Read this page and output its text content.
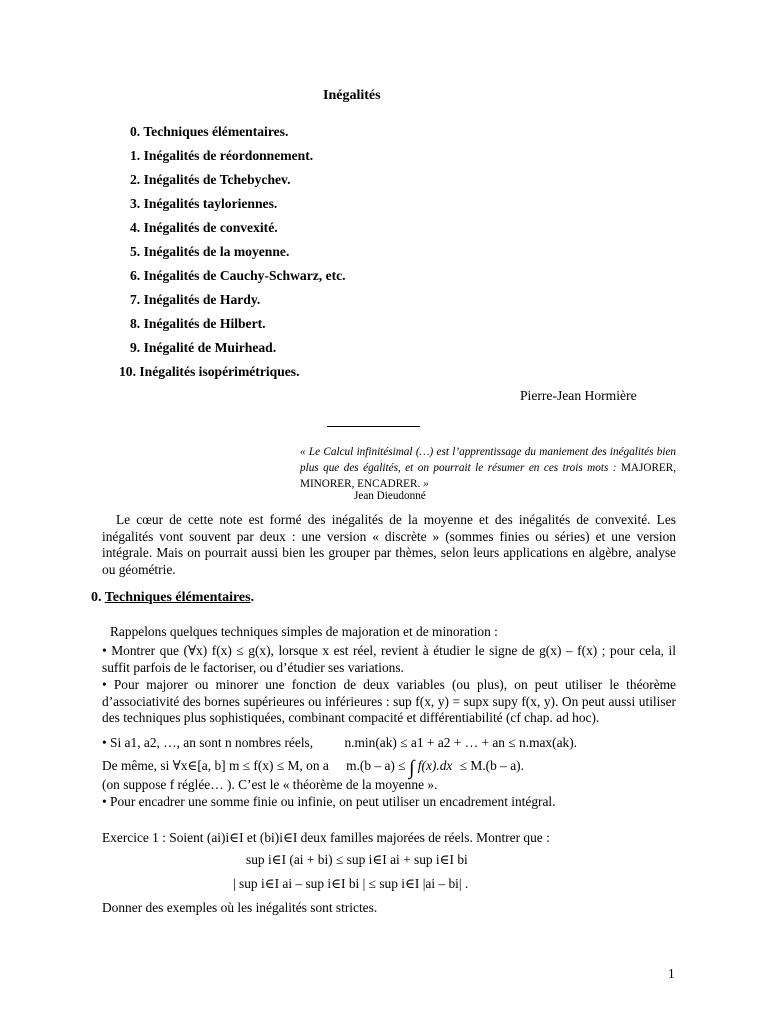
Inégalités
0. Techniques élémentaires.
1. Inégalités de réordonnement.
2. Inégalités de Tchebychev.
3. Inégalités tayloriennes.
4. Inégalités de convexité.
5. Inégalités de la moyenne.
6. Inégalités de Cauchy-Schwarz, etc.
7. Inégalités de Hardy.
8. Inégalités de Hilbert.
9. Inégalité de Muirhead.
10. Inégalités isopérimétriques.
Pierre-Jean Hormière
« Le Calcul infinitésimal (…) est l’apprentissage du maniement des inégalités bien plus que des égalités, et on pourrait le résumer en ces trois mots : MAJORER, MINORER, ENCADRER. »
Jean Dieudonné
Le cœur de cette note est formé des inégalités de la moyenne et des inégalités de convexité. Les inégalités vont souvent par deux : une version « discrète » (sommes finies ou séries) et une version intégrale. Mais on pourrait aussi bien les grouper par thèmes, selon leurs applications en algèbre, analyse ou géométrie.
0. Techniques élémentaires.
Rappelons quelques techniques simples de majoration et de minoration :
• Montrer que (∀x) f(x) ≤ g(x), lorsque x est réel, revient à étudier le signe de g(x) – f(x) ; pour cela, il suffit parfois de le factoriser, ou d’étudier ses variations.
• Pour majorer ou minorer une fonction de deux variables (ou plus), on peut utiliser le théorème d’associativité des bornes supérieures ou inférieures : sup f(x, y) = supx supy f(x, y). On peut aussi utiliser des techniques plus sophistiquées, combinant compacité et différentiabilité (cf chap. ad hoc).
• Si a1, a2, …, an sont n nombres réels, n.min(ak) ≤ a1 + a2 + … + an ≤ n.max(ak).
De même, si ∀x∈[a, b] m ≤ f(x) ≤ M, on a m.(b – a) ≤ ∫ f(x).dx ≤ M.(b – a).
(on suppose f réglée… ). C’est le « théorème de la moyenne ».
• Pour encadrer une somme finie ou infinie, on peut utiliser un encadrement intégral.
Exercice 1 : Soient (ai)i∈I et (bi)i∈I deux familles majorées de réels. Montrer que :
sup i∈I (ai + bi) ≤ sup i∈I ai + sup i∈I bi
| sup i∈I ai – sup i∈I bi | ≤ sup i∈I |ai – bi| .
Donner des exemples où les inégalités sont strictes.
1
